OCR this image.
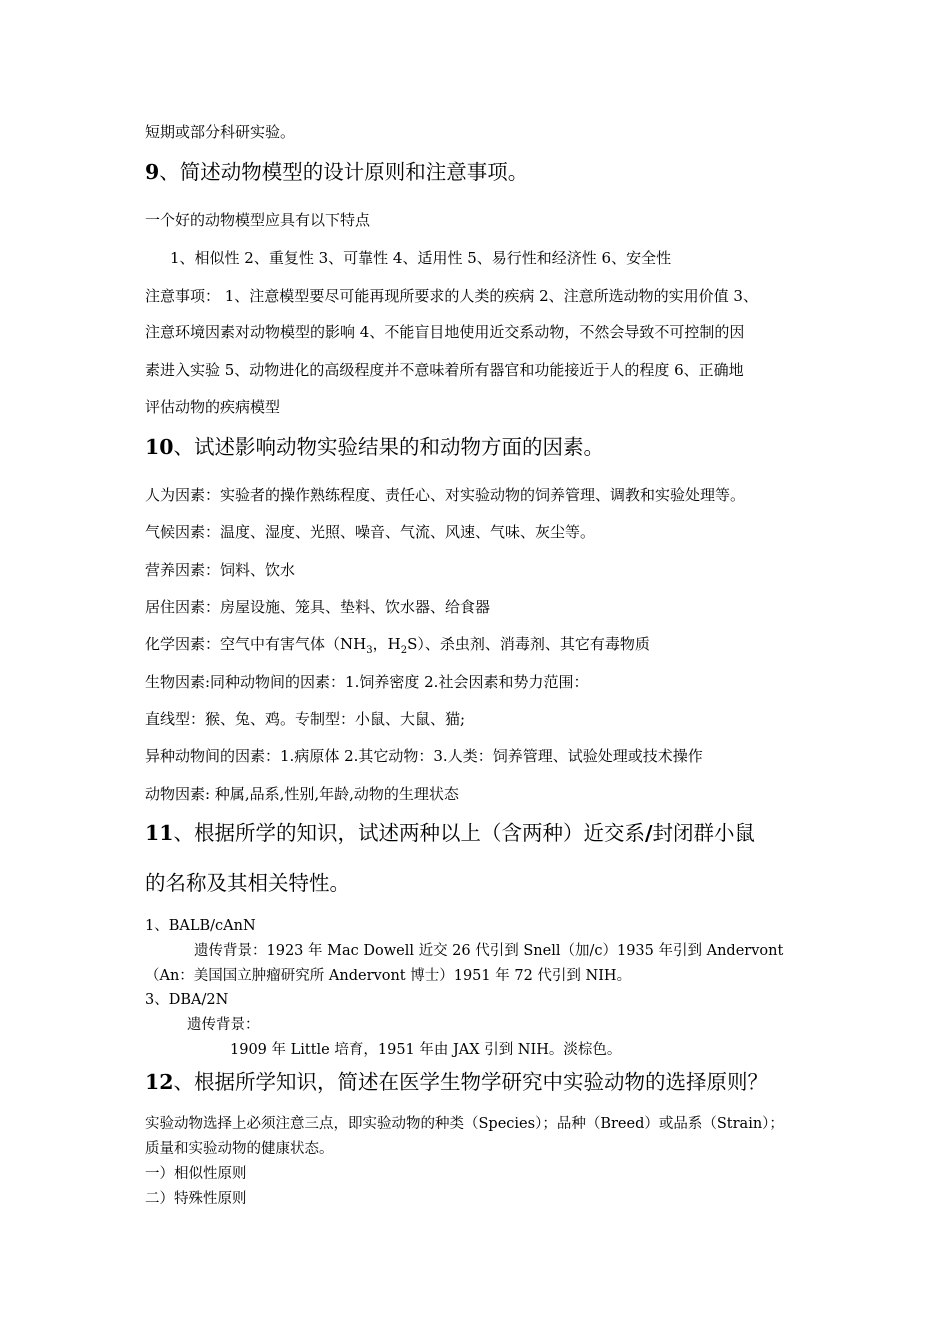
短期或部分科研实验。
9、简述动物模型的设计原则和注意事项。
一个好的动物模型应具有以下特点
1、相似性 2、重复性 3、可靠性 4、适用性 5、易行性和经济性 6、安全性
注意事项： 1、注意模型要尽可能再现所要求的人类的疾病 2、注意所选动物的实用价值 3、
注意环境因素对动物模型的影响 4、不能盲目地使用近交系动物，不然会导致不可控制的因
素进入实验 5、动物进化的高级程度并不意味着所有器官和功能接近于人的程度 6、正确地
评估动物的疾病模型
10、试述影响动物实验结果的和动物方面的因素。
人为因素：实验者的操作熟练程度、责任心、对实验动物的饲养管理、调教和实验处理等。
气候因素：温度、湿度、光照、噪音、气流、风速、气味、灰尘等。
营养因素：饲料、饮水
居住因素：房屋设施、笼具、垫料、饮水器、给食器
化学因素：空气中有害气体（$NH_3$，$H_2S$）、杀虫剂、消毒剂、其它有毒物质
生物因素:同种动物间的因素：1.饲养密度 2.社会因素和势力范围：
直线型：猴、兔、鸡。专制型：小鼠、大鼠、猫;
异种动物间的因素：1.病原体 2.其它动物：3.人类：饲养管理、试验处理或技术操作
动物因素: 种属,品系,性别,年龄,动物的生理状态
11、根据所学的知识，试述两种以上（含两种）近交系/封闭群小鼠
的名称及其相关特性。
1、BALB/cAnN
遗传背景：1923 年 Mac Dowell 近交 26 代引到 Snell（加/c）1935 年引到 Andervont
（An：美国国立肿瘤研究所 Andervont 博士）1951 年 72 代引到 NIH。
3、DBA/2N
遗传背景：
1909 年 Little 培育，1951 年由 JAX 引到 NIH。淡棕色。
12、根据所学知识，简述在医学生物学研究中实验动物的选择原则？
实验动物选择上必须注意三点，即实验动物的种类（Species）；品种（Breed）或品系（Strain）；
质量和实验动物的健康状态。
一）相似性原则
二）特殊性原则
